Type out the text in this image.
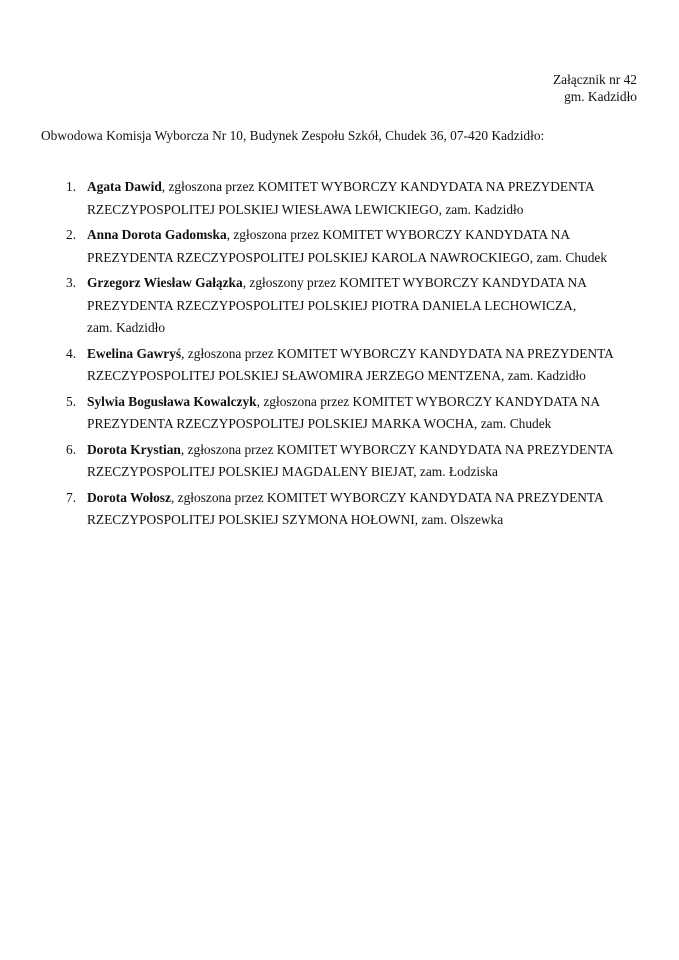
Załącznik nr 42
gm. Kadzidło
Obwodowa Komisja Wyborcza Nr 10, Budynek Zespołu Szkół, Chudek 36, 07-420 Kadzidło:
1. Agata Dawid, zgłoszona przez KOMITET WYBORCZY KANDYDATA NA PREZYDENTA
RZECZYPOSPOLITEJ POLSKIEJ WIESŁAWA LEWICKIEGO, zam. Kadzidło
2. Anna Dorota Gadomska, zgłoszona przez KOMITET WYBORCZY KANDYDATA NA
PREZYDENTA RZECZYPOSPOLITEJ POLSKIEJ KAROLA NAWROCKIEGO, zam. Chudek
3. Grzegorz Wiesław Gałązka, zgłoszony przez KOMITET WYBORCZY KANDYDATA NA
PREZYDENTA RZECZYPOSPOLITEJ POLSKIEJ PIOTRA DANIELA LECHOWICZA,
zam. Kadzidło
4. Ewelina Gawryś, zgłoszona przez KOMITET WYBORCZY KANDYDATA NA PREZYDENTA
RZECZYPOSPOLITEJ POLSKIEJ SŁAWOMIRA JERZEGO MENTZENA, zam. Kadzidło
5. Sylwia Bogusława Kowalczyk, zgłoszona przez KOMITET WYBORCZY KANDYDATA NA
PREZYDENTA RZECZYPOSPOLITEJ POLSKIEJ MARKA WOCHA, zam. Chudek
6. Dorota Krystian, zgłoszona przez KOMITET WYBORCZY KANDYDATA NA PREZYDENTA
RZECZYPOSPOLITEJ POLSKIEJ MAGDALENY BIEJAT, zam. Łodziska
7. Dorota Wołosz, zgłoszona przez KOMITET WYBORCZY KANDYDATA NA PREZYDENTA
RZECZYPOSPOLITEJ POLSKIEJ SZYMONA HOŁOWNI, zam. Olszewka
